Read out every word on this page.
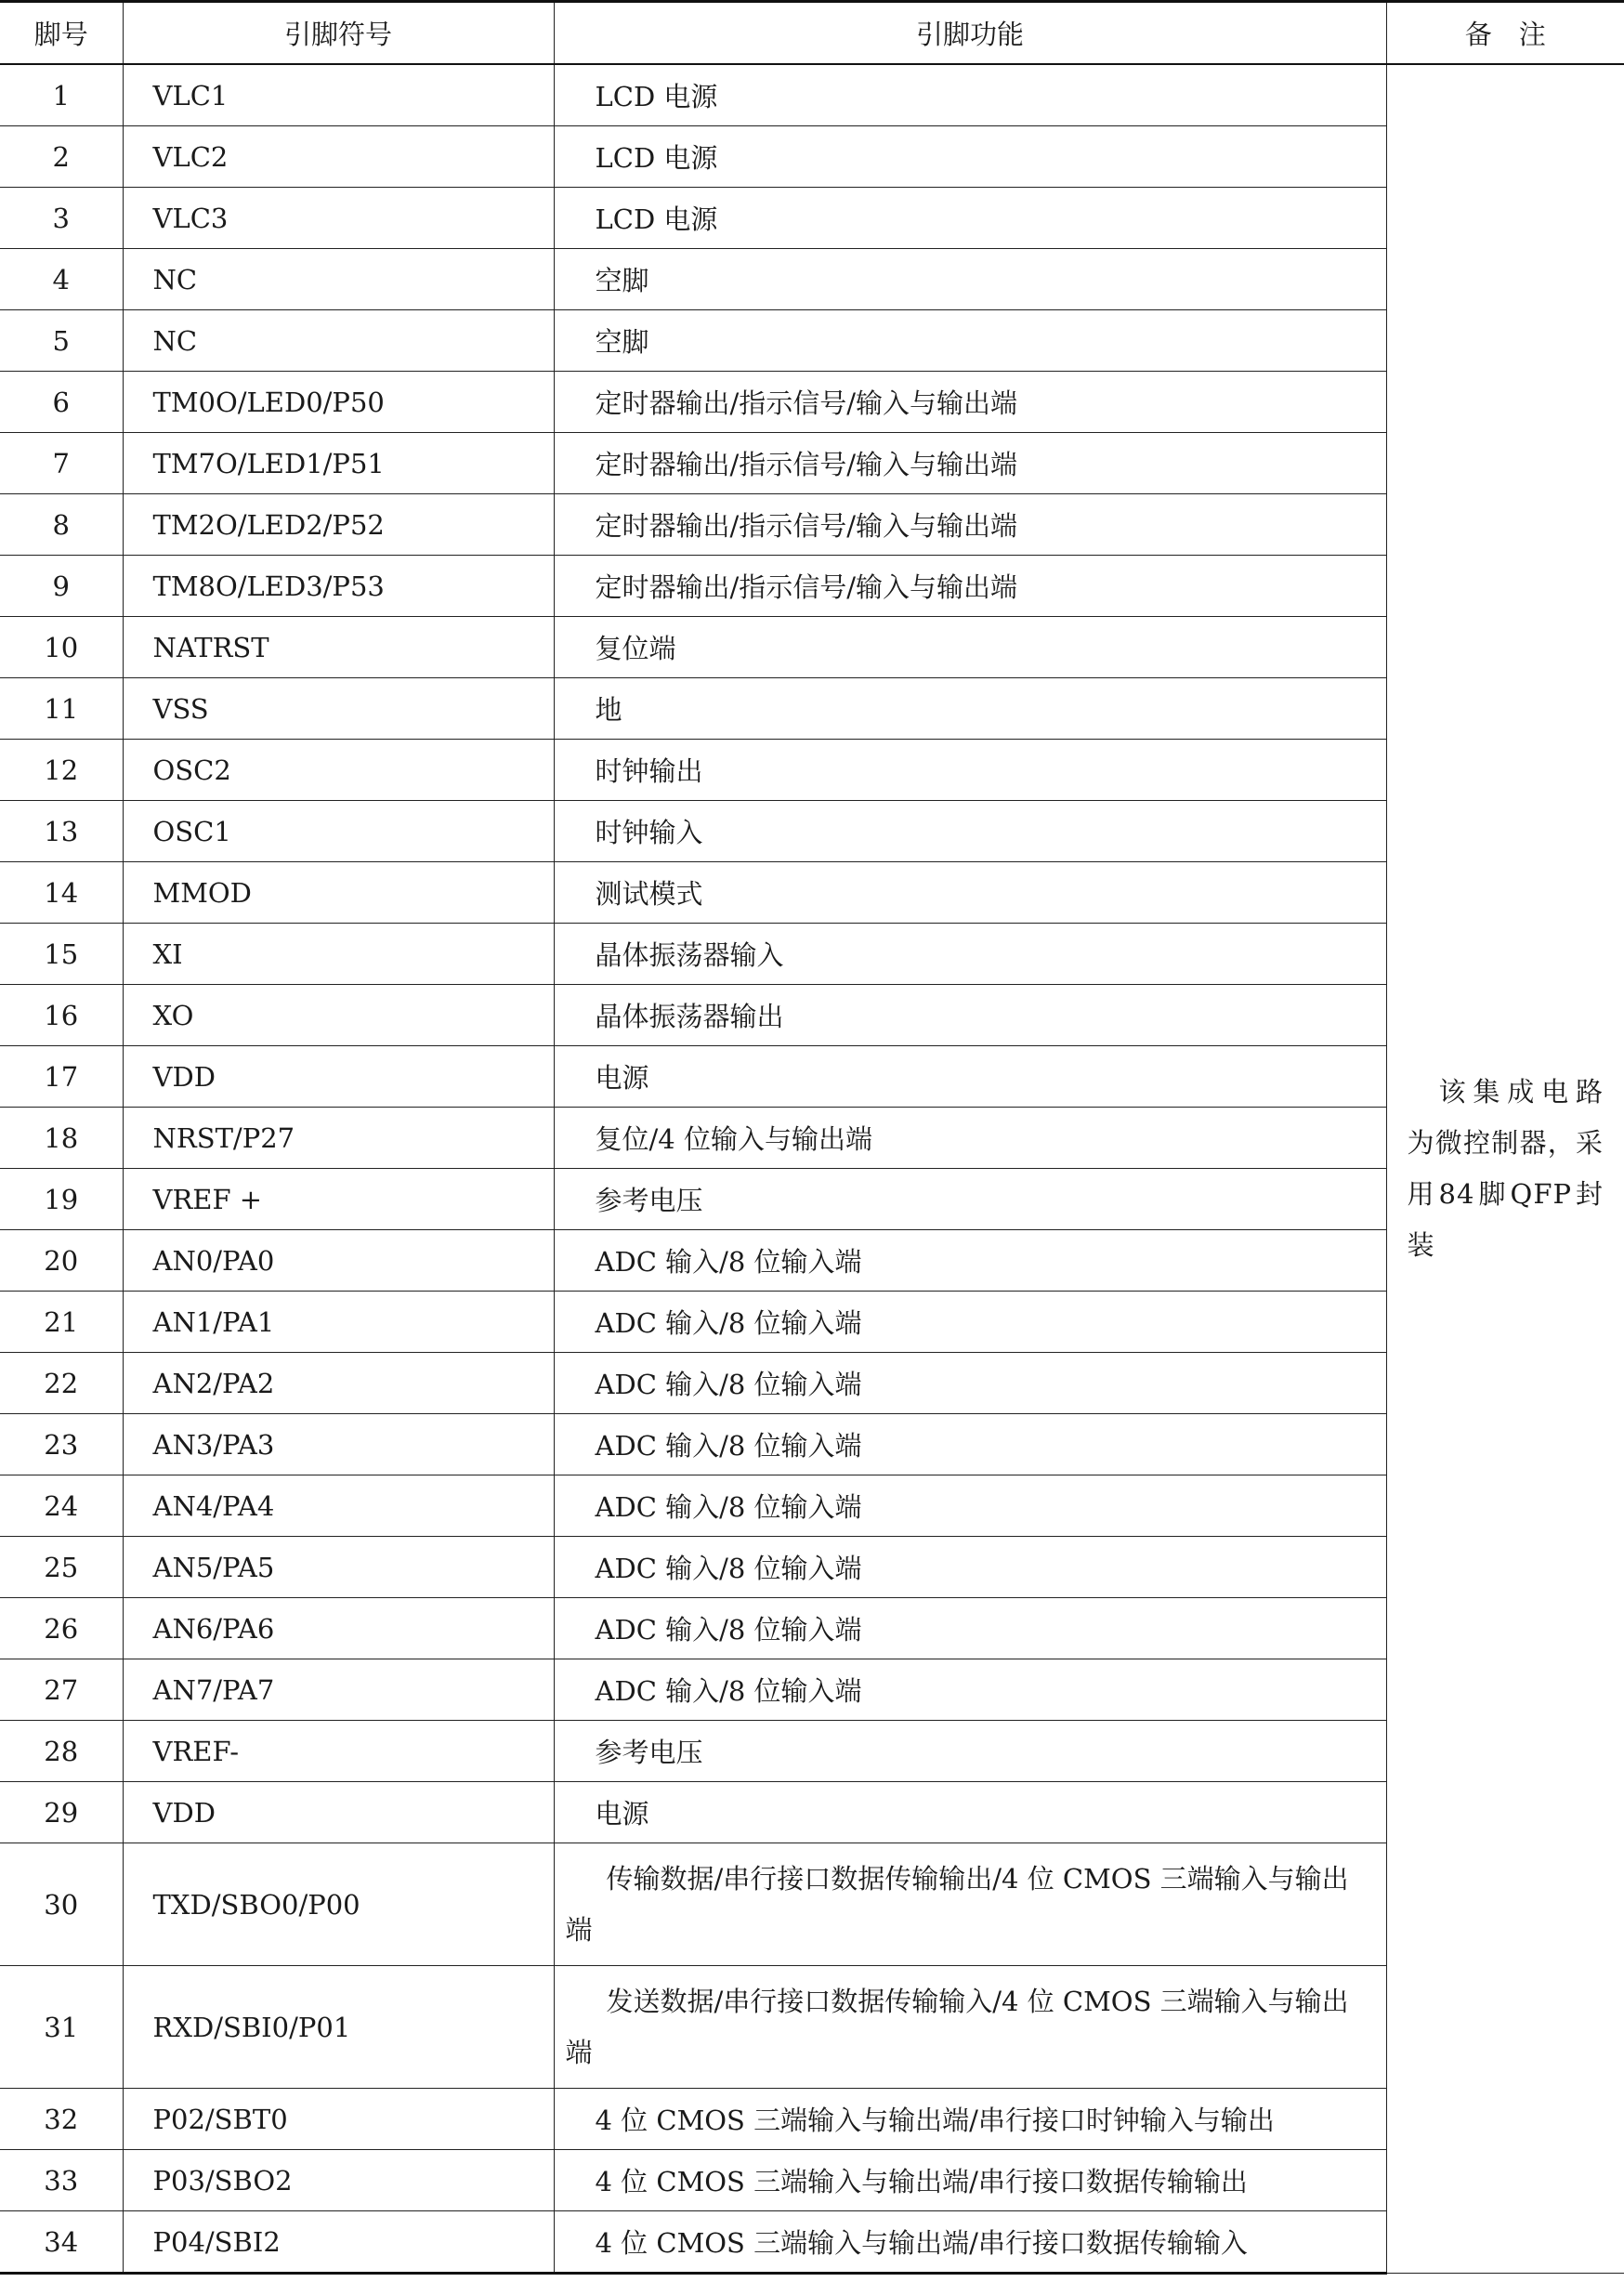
脚号	引脚符号	引脚功能	备　注
1	VLC1	LCD 电源	该集成电路为微控制器，采用84脚QFP封装

2	VLC2	LCD 电源	
3	VLC3	LCD 电源	
4	NC	空脚	
5	NC	空脚	
6	TM0O/LED0/P50	定时器输出/指示信号/输入与输出端	
7	TM7O/LED1/P51	定时器输出/指示信号/输入与输出端	
8	TM2O/LED2/P52	定时器输出/指示信号/输入与输出端	
9	TM8O/LED3/P53	定时器输出/指示信号/输入与输出端	
10	NATRST	复位端	
11	VSS	地	
12	OSC2	时钟输出	
13	OSC1	时钟输入	
14	MMOD	测试模式	
15	XI	晶体振荡器输入	
16	XO	晶体振荡器输出	
17	VDD	电源	
18	NRST/P27	复位/4 位输入与输出端	
19	VREF +	参考电压	
20	AN0/PA0	ADC 输入/8 位输入端	
21	AN1/PA1	ADC 输入/8 位输入端	
22	AN2/PA2	ADC 输入/8 位输入端	
23	AN3/PA3	ADC 输入/8 位输入端	
24	AN4/PA4	ADC 输入/8 位输入端	
25	AN5/PA5	ADC 输入/8 位输入端	
26	AN6/PA6	ADC 输入/8 位输入端	
27	AN7/PA7	ADC 输入/8 位输入端	
28	VREF-	参考电压	
29	VDD	电源	
30	TXD/SBO0/P00	传输数据/串行接口数据传输输出/4 位 CMOS 三端输入与输出端	

31	RXD/SBI0/P01	发送数据/串行接口数据传输输入/4 位 CMOS 三端输入与输出端	

32	P02/SBT0	4 位 CMOS 三端输入与输出端/串行接口时钟输入与输出	
33	P03/SBO2	4 位 CMOS 三端输入与输出端/串行接口数据传输输出	
34	P04/SBI2	4 位 CMOS 三端输入与输出端/串行接口数据传输输入	
